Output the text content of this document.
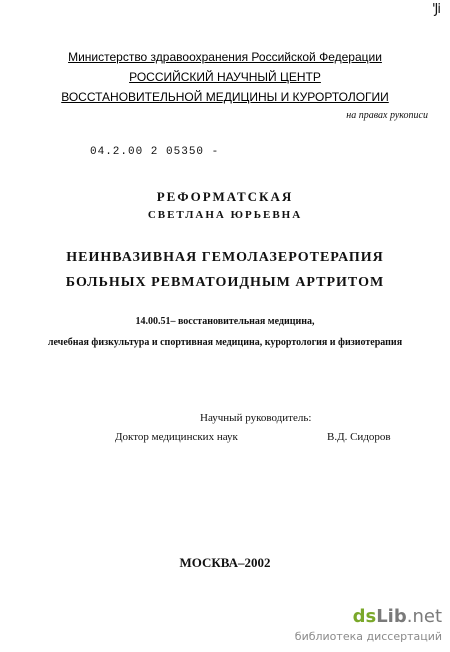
'Ji
Министерство здравоохранения Российской Федерации
РОССИЙСКИЙ НАУЧНЫЙ ЦЕНТР
ВОССТАНОВИТЕЛЬНОЙ МЕДИЦИНЫ И КУРОРТОЛОГИИ
на правах рукописи
04.2.00 2 05350 -
РЕФОРМАТСКАЯ
СВЕТЛАНА ЮРЬЕВНА
НЕИНВАЗИВНАЯ ГЕМОЛАЗЕРОТЕРАПИЯ
БОЛЬНЫХ РЕВМАТОИДНЫМ АРТРИТОМ
14.00.51– восстановительная медицина,
лечебная физкультура и спортивная медицина, курортология и физиотерапия
Научный руководитель:
Доктор медицинских наук	В.Д. Сидоров
МОСКВА–2002
dsLib.net
библиотека диссертаций
